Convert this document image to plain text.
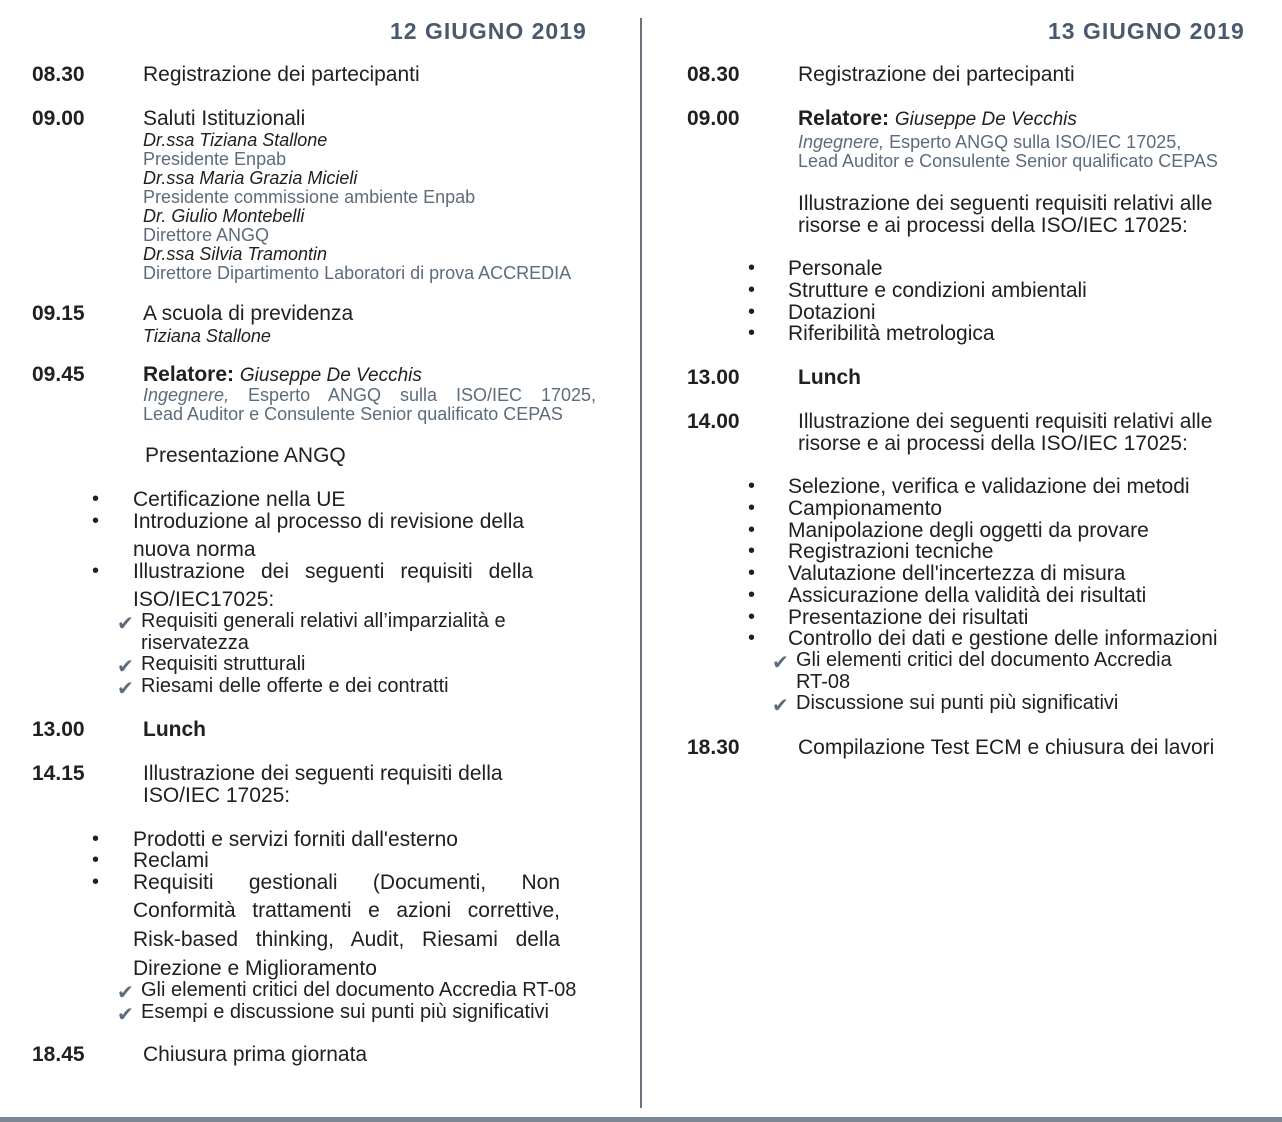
12 GIUGNO 2019
08.30	Registrazione dei partecipanti
09.00	Saluti Istituzionali
Dr.ssa Tiziana Stallone
Presidente Enpab
Dr.ssa Maria Grazia Micieli
Presidente commissione ambiente Enpab
Dr. Giulio Montebelli
Direttore ANGQ
Dr.ssa Silvia Tramontin
Direttore Dipartimento Laboratori di prova ACCREDIA
09.15	A scuola di previdenza
Tiziana Stallone
09.45	Relatore: Giuseppe De Vecchis
Ingegnere, Esperto ANGQ sulla ISO/IEC 17025,
Lead Auditor e Consulente Senior qualificato CEPAS
Presentazione ANGQ
• Certificazione nella UE
• Introduzione al processo di revisione della
nuova norma
• Illustrazione dei seguenti requisiti della
ISO/IEC17025:
✔ Requisiti generali relativi all’imparzialità e
riservatezza
✔ Requisiti strutturali
✔ Riesami delle offerte e dei contratti
13.00	Lunch
14.15	Illustrazione dei seguenti requisiti della
ISO/IEC 17025:
• Prodotti e servizi forniti dall'esterno
• Reclami
• Requisiti gestionali (Documenti, Non
Conformità trattamenti e azioni correttive,
Risk-based thinking, Audit, Riesami della
Direzione e Miglioramento
✔ Gli elementi critici del documento Accredia RT-08
✔ Esempi e discussione sui punti più significativi
18.45	Chiusura prima giornata
13 GIUGNO 2019
08.30	Registrazione dei partecipanti
09.00	Relatore: Giuseppe De Vecchis
Ingegnere, Esperto ANGQ sulla ISO/IEC 17025,
Lead Auditor e Consulente Senior qualificato CEPAS
Illustrazione dei seguenti requisiti relativi alle
risorse e ai processi della ISO/IEC 17025:
• Personale
• Strutture e condizioni ambientali
• Dotazioni
• Riferibilità metrologica
13.00	Lunch
14.00	Illustrazione dei seguenti requisiti relativi alle
risorse e ai processi della ISO/IEC 17025:
• Selezione, verifica e validazione dei metodi
• Campionamento
• Manipolazione degli oggetti da provare
• Registrazioni tecniche
• Valutazione dell'incertezza di misura
• Assicurazione della validità dei risultati
• Presentazione dei risultati
• Controllo dei dati e gestione delle informazioni
✔ Gli elementi critici del documento Accredia
RT-08
✔ Discussione sui punti più significativi
18.30	Compilazione Test ECM e chiusura dei lavori
